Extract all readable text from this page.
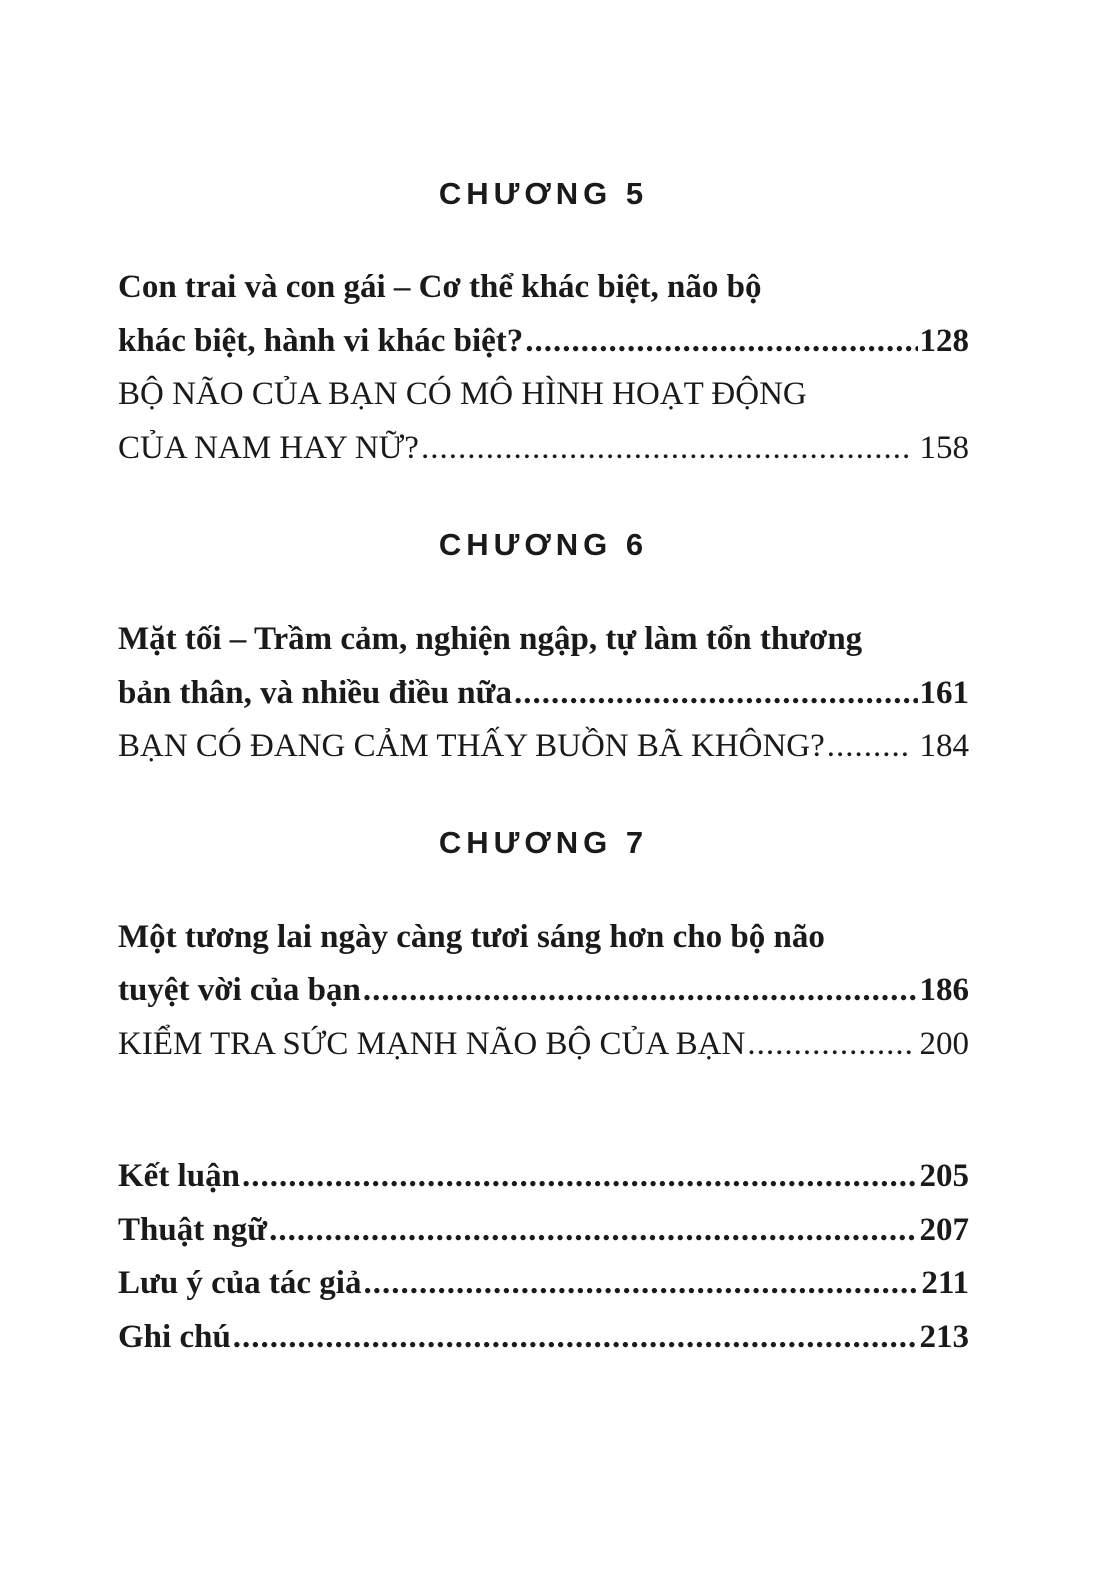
CHƯƠNG 5
Con trai và con gái – Cơ thể khác biệt, não bộ
khác biệt, hành vi khác biệt? .....	128
BỘ NÃO CỦA BẠN CÓ MÔ HÌNH HOẠT ĐỘNG
CỦA NAM HAY NỮ? .....	158
CHƯƠNG 6
Mặt tối – Trầm cảm, nghiện ngập, tự làm tổn thương
bản thân, và nhiều điều nữa .....	161
BẠN CÓ ĐANG CẢM THẤY BUỒN BÃ KHÔNG? .....	184
CHƯƠNG 7
Một tương lai ngày càng tươi sáng hơn cho bộ não
tuyệt vời của bạn .....	186
KIỂM TRA SỨC MẠNH NÃO BỘ CỦA BẠN .....	200
Kết luận .....	205
Thuật ngữ .....	207
Lưu ý của tác giả .....	211
Ghi chú .....	213
